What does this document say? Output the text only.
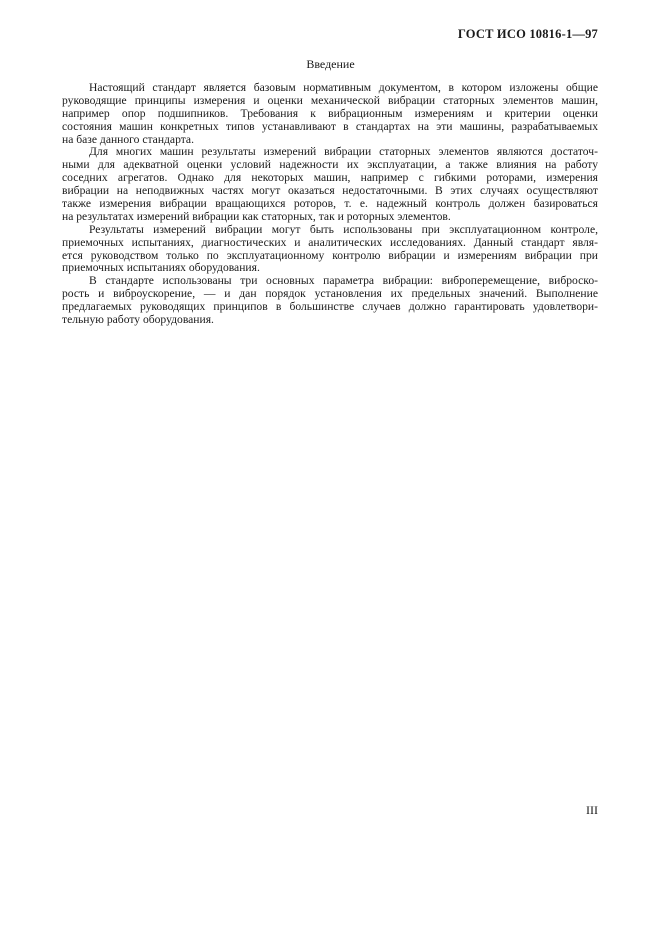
ГОСТ ИСО 10816-1—97
Введение

Настоящий стандарт является базовым нормативным документом, в котором изложены общие
руководящие принципы измерения и оценки механической вибрации статорных элементов машин,
например опор подшипников. Требования к вибрационным измерениям и критерии оценки
состояния машин конкретных типов устанавливают в стандартах на эти машины, разрабатываемых
на базе данного стандарта.

Для многих машин результаты измерений вибрации статорных элементов являются достаточ-
ными для адекватной оценки условий надежности их эксплуатации, а также влияния на работу
соседних агрегатов. Однако для некоторых машин, например с гибкими роторами, измерения
вибрации на неподвижных частях могут оказаться недостаточными. В этих случаях осуществляют
также измерения вибрации вращающихся роторов, т. е. надежный контроль должен базироваться
на результатах измерений вибрации как статорных, так и роторных элементов.

Результаты измерений вибрации могут быть использованы при эксплуатационном контроле,
приемочных испытаниях, диагностических и аналитических исследованиях. Данный стандарт явля-
ется руководством только по эксплуатационному контролю вибрации и измерениям вибрации при
приемочных испытаниях оборудования.

В стандарте использованы три основных параметра вибрации: виброперемещение, виброско-
рость и виброускорение, — и дан порядок установления их предельных значений. Выполнение
предлагаемых руководящих принципов в большинстве случаев должно гарантировать удовлетвори-
тельную работу оборудования.

III
